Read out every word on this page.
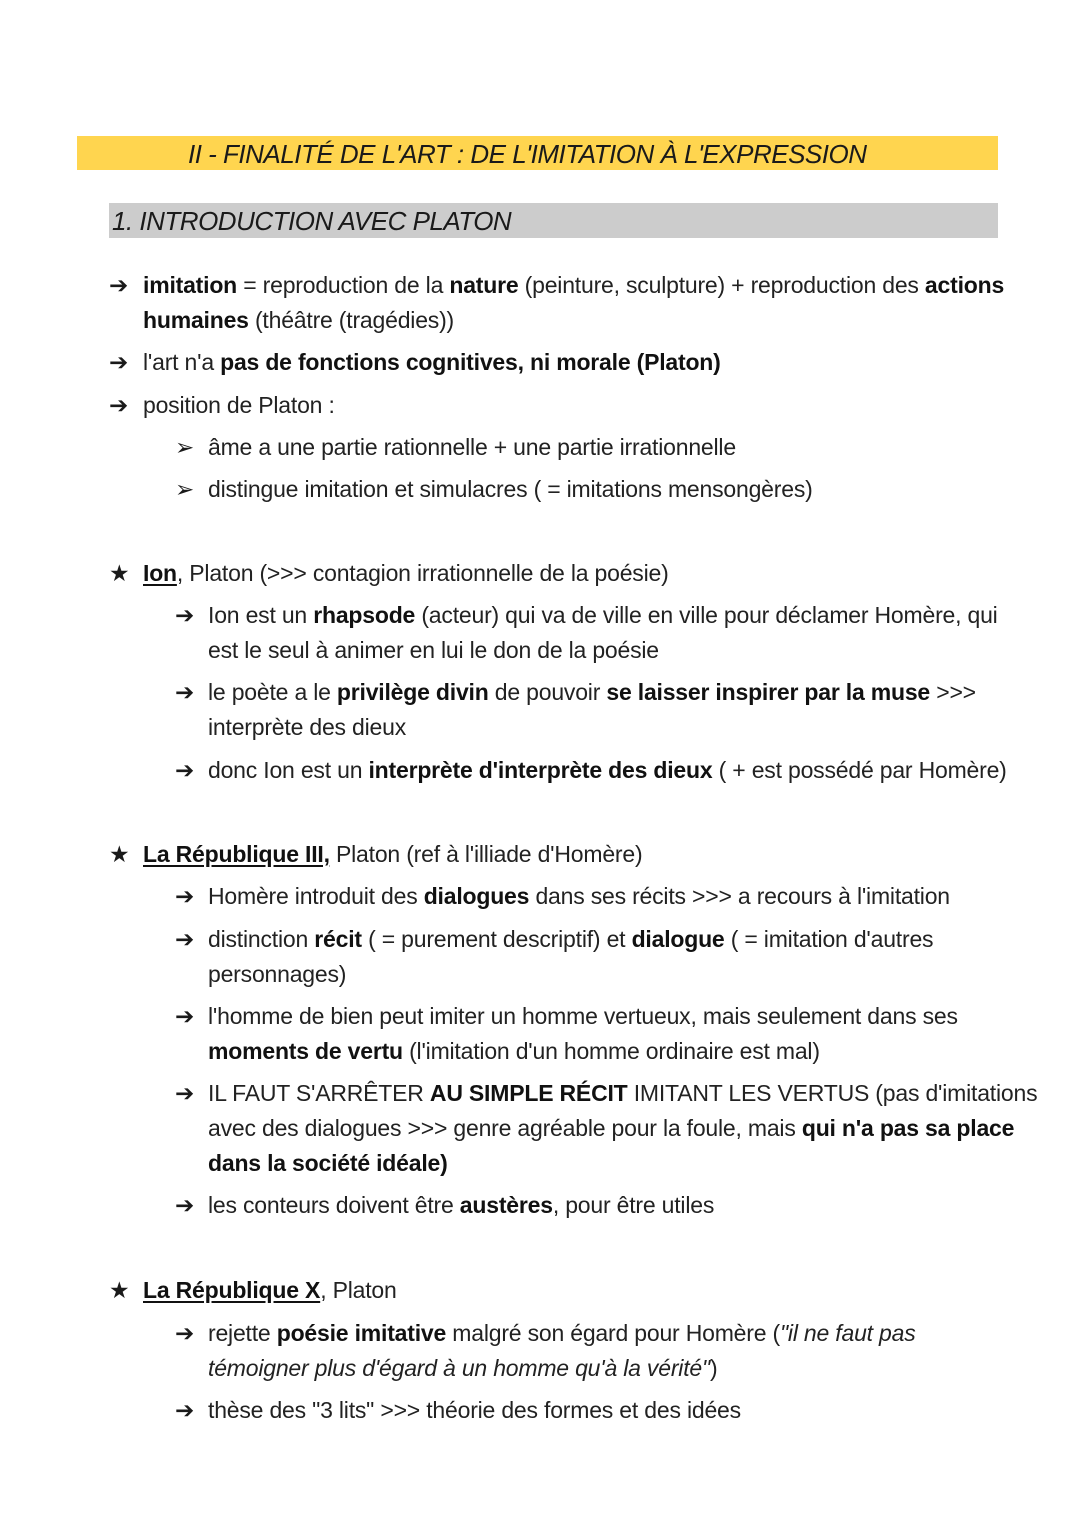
II - FINALITÉ DE L'ART : DE L'IMITATION À L'EXPRESSION
1. INTRODUCTION AVEC PLATON
➔ imitation = reproduction de la nature (peinture, sculpture) + reproduction des actions
humaines (théâtre (tragédies))
➔ l'art n'a pas de fonctions cognitives, ni morale (Platon)
➔ position de Platon :
➢ âme a une partie rationnelle + une partie irrationnelle
➢ distingue imitation et simulacres ( = imitations mensongères)
★ Ion, Platon (>>> contagion irrationnelle de la poésie)
➔ Ion est un rhapsode (acteur) qui va de ville en ville pour déclamer Homère, qui
est le seul à animer en lui le don de la poésie
➔ le poète a le privilège divin de pouvoir se laisser inspirer par la muse >>>
interprète des dieux
➔ donc Ion est un interprète d'interprète des dieux ( + est possédé par Homère)
★ La République III, Platon (ref à l'illiade d'Homère)
➔ Homère introduit des dialogues dans ses récits >>> a recours à l'imitation
➔ distinction récit ( = purement descriptif) et dialogue ( = imitation d'autres
personnages)
➔ l'homme de bien peut imiter un homme vertueux, mais seulement dans ses
moments de vertu (l'imitation d'un homme ordinaire est mal)
➔ IL FAUT S'ARRÊTER AU SIMPLE RÉCIT IMITANT LES VERTUS (pas d'imitations
avec des dialogues >>> genre agréable pour la foule, mais qui n'a pas sa place
dans la société idéale)
➔ les conteurs doivent être austères, pour être utiles
★ La République X, Platon
➔ rejette poésie imitative malgré son égard pour Homère ("il ne faut pas
témoigner plus d'égard à un homme qu'à la vérité")
➔ thèse des "3 lits" >>> théorie des formes et des idées
